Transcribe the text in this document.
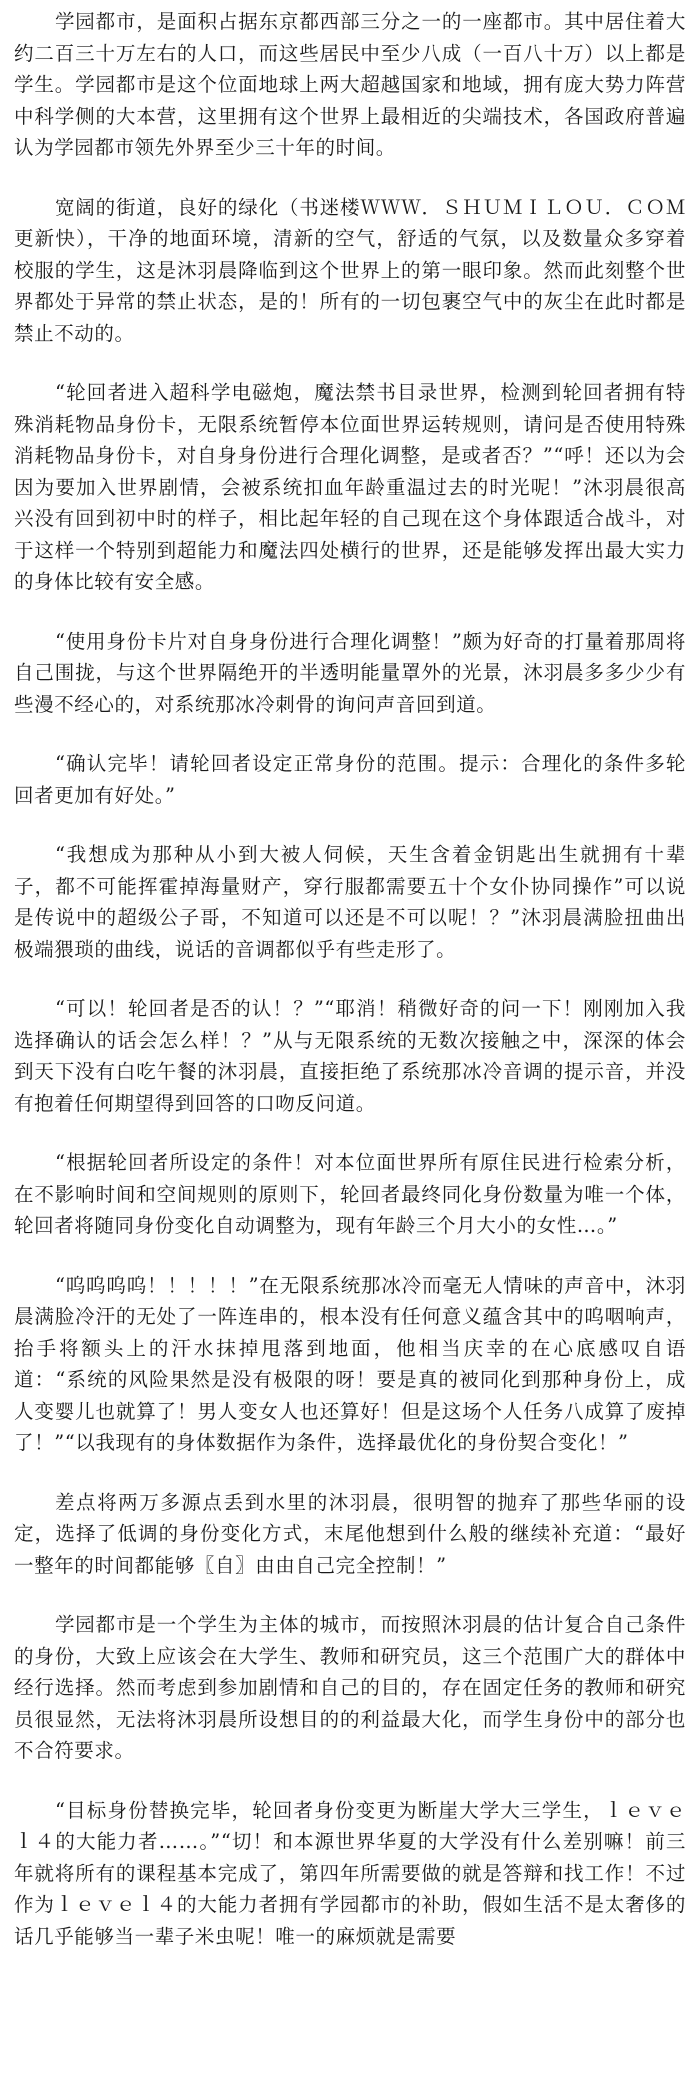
学园都市，是面积占据东京都西部三分之一的一座都市。其中居住着大约二百三十万左右的人口，而这些居民中至少八成（一百八十万）以上都是学生。学园都市是这个位面地球上两大超越国家和地域，拥有庞大势力阵营中科学侧的大本营，这里拥有这个世界上最相近的尖端技术，各国政府普遍认为学园都市领先外界至少三十年的时间。

宽阔的街道，良好的绿化（书迷楼ＷＷＷ．ＳＨＵＭＩＬＯＵ．ＣＯＭ更新快），干净的地面环境，清新的空气，舒适的气氛，以及数量众多穿着校服的学生，这是沐羽晨降临到这个世界上的第一眼印象。然而此刻整个世界都处于异常的禁止状态，是的！所有的一切包裹空气中的灰尘在此时都是禁止不动的。

“轮回者进入超科学电磁炮，魔法禁书目录世界，检测到轮回者拥有特殊消耗物品身份卡，无限系统暂停本位面世界运转规则，请问是否使用特殊消耗物品身份卡，对自身身份进行合理化调整，是或者否？”“呼！还以为会因为要加入世界剧情，会被系统扣血年龄重温过去的时光呢！”沐羽晨很高兴没有回到初中时的样子，相比起年轻的自己现在这个身体跟适合战斗，对于这样一个特别到超能力和魔法四处横行的世界，还是能够发挥出最大实力的身体比较有安全感。

“使用身份卡片对自身身份进行合理化调整！”颇为好奇的打量着那周将自己围拢，与这个世界隔绝开的半透明能量罩外的光景，沐羽晨多多少少有些漫不经心的，对系统那冰冷刺骨的询问声音回到道。

“确认完毕！请轮回者设定正常身份的范围。提示：合理化的条件多轮回者更加有好处。”

“我想成为那种从小到大被人伺候，天生含着金钥匙出生就拥有十辈子，都不可能挥霍掉海量财产，穿行服都需要五十个女仆协同操作”可以说是传说中的超级公子哥，不知道可以还是不可以呢！？”沐羽晨满脸扭曲出极端猥琐的曲线，说话的音调都似乎有些走形了。

“可以！轮回者是否的认！？”“耶消！稍微好奇的问一下！刚刚加入我选择确认的话会怎么样！？”从与无限系统的无数次接触之中，深深的体会到天下没有白吃午餐的沐羽晨，直接拒绝了系统那冰冷音调的提示音，并没有抱着任何期望得到回答的口吻反问道。

“根据轮回者所设定的条件！对本位面世界所有原住民进行检索分析，在不影响时间和空间规则的原则下，轮回者最终同化身份数量为唯一个体，轮回者将随同身份变化自动调整为，现有年龄三个月大小的女性…。”

“呜呜呜呜！！！！！”在无限系统那冰冷而毫无人情味的声音中，沐羽晨满脸冷汗的无处了一阵连串的，根本没有任何意义蕴含其中的呜咽响声，抬手将额头上的汗水抹掉甩落到地面，他相当庆幸的在心底感叹自语道：“系统的风险果然是没有极限的呀！要是真的被同化到那种身份上，成人变婴儿也就算了！男人变女人也还算好！但是这场个人任务八成算了废掉了！”“以我现有的身体数据作为条件，选择最优化的身份契合变化！”

差点将两万多源点丢到水里的沐羽晨，很明智的抛弃了那些华丽的设定，选择了低调的身份变化方式，末尾他想到什么般的继续补充道：“最好一整年的时间都能够〖自〗由由自己完全控制！”

学园都市是一个学生为主体的城市，而按照沐羽晨的估计复合自己条件的身份，大致上应该会在大学生、教师和研究员，这三个范围广大的群体中经行选择。然而考虑到参加剧情和自己的目的，存在固定任务的教师和研究员很显然，无法将沐羽晨所设想目的的利益最大化，而学生身份中的部分也不合符要求。

“目标身份替换完毕，轮回者身份变更为断崖大学大三学生，ｌｅｖｅｌ４的大能力者……。”“切！和本源世界华夏的大学没有什么差别嘛！前三年就将所有的课程基本完成了，第四年所需要做的就是答辩和找工作！不过作为ｌｅｖｅｌ４的大能力者拥有学园都市的补助，假如生活不是太奢侈的话几乎能够当一辈子米虫呢！唯一的麻烦就是需要
